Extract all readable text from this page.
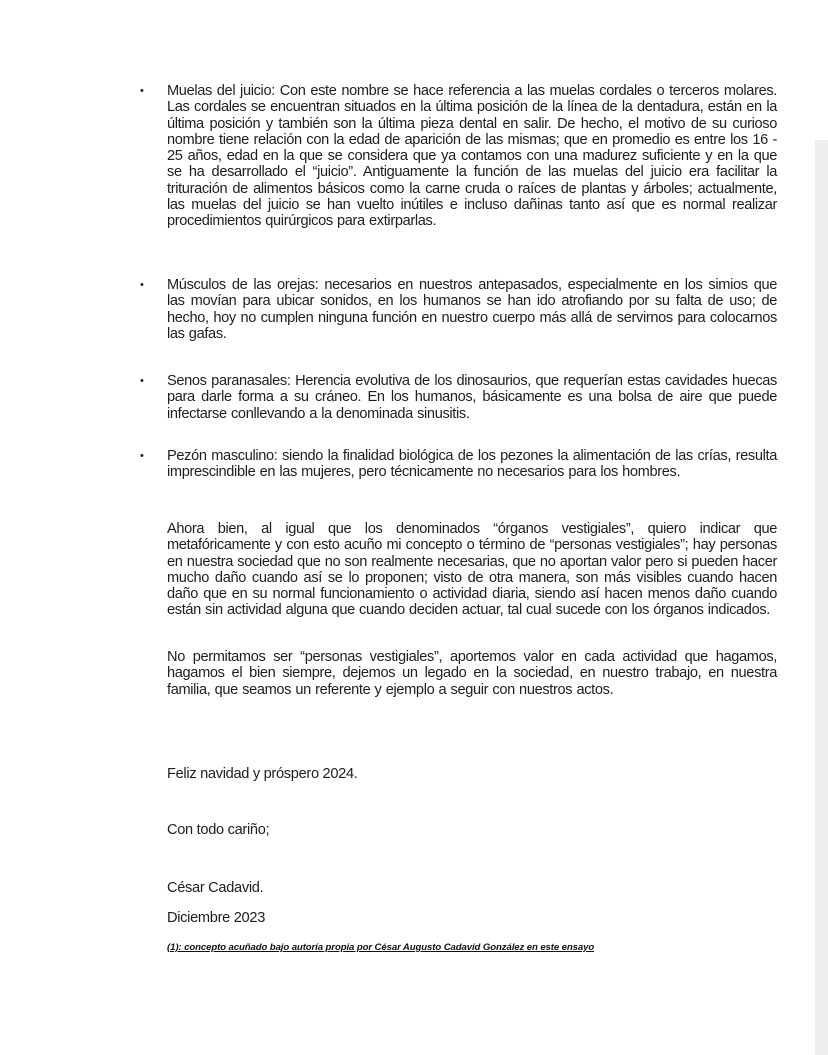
• Muelas del juicio: Con este nombre se hace referencia a las muelas cordales o terceros molares. Las cordales se encuentran situados en la última posición de la línea de la dentadura, están en la última posición y también son la última pieza dental en salir. De hecho, el motivo de su curioso nombre tiene relación con la edad de aparición de las mismas; que en promedio es entre los 16 - 25 años, edad en la que se considera que ya contamos con una madurez suficiente y en la que se ha desarrollado el “juicio”. Antiguamente la función de las muelas del juicio era facilitar la trituración de alimentos básicos como la carne cruda o raíces de plantas y árboles; actualmente, las muelas del juicio se han vuelto inútiles e incluso dañinas tanto así que es normal realizar procedimientos quirúrgicos para extirparlas.
• Músculos de las orejas: necesarios en nuestros antepasados, especialmente en los simios que las movían para ubicar sonidos, en los humanos se han ido atrofiando por su falta de uso; de hecho, hoy no cumplen ninguna función en nuestro cuerpo más allá de servirnos para colocarnos las gafas.
• Senos paranasales: Herencia evolutiva de los dinosaurios, que requerían estas cavidades huecas para darle forma a su cráneo. En los humanos, básicamente es una bolsa de aire que puede infectarse conllevando a la denominada sinusitis.
• Pezón masculino: siendo la finalidad biológica de los pezones la alimentación de las crías, resulta imprescindible en las mujeres, pero técnicamente no necesarios para los hombres.
Ahora bien, al igual que los denominados “órganos vestigiales”, quiero indicar que metafóricamente y con esto acuño mi concepto o término de “personas vestigiales”; hay personas en nuestra sociedad que no son realmente necesarias, que no aportan valor pero si pueden hacer mucho daño cuando así se lo proponen; visto de otra manera, son más visibles cuando hacen daño que en su normal funcionamiento o actividad diaria, siendo así hacen menos daño cuando están sin actividad alguna que cuando deciden actuar, tal cual sucede con los órganos indicados.
No permitamos ser “personas vestigiales”, aportemos valor en cada actividad que hagamos, hagamos el bien siempre, dejemos un legado en la sociedad, en nuestro trabajo, en nuestra familia, que seamos un referente y ejemplo a seguir con nuestros actos.
Feliz navidad y próspero 2024.
Con todo cariño;
César Cadavid.
Diciembre 2023
(1): concepto acuñado bajo autoría propia por César Augusto Cadavid González en este ensayo
